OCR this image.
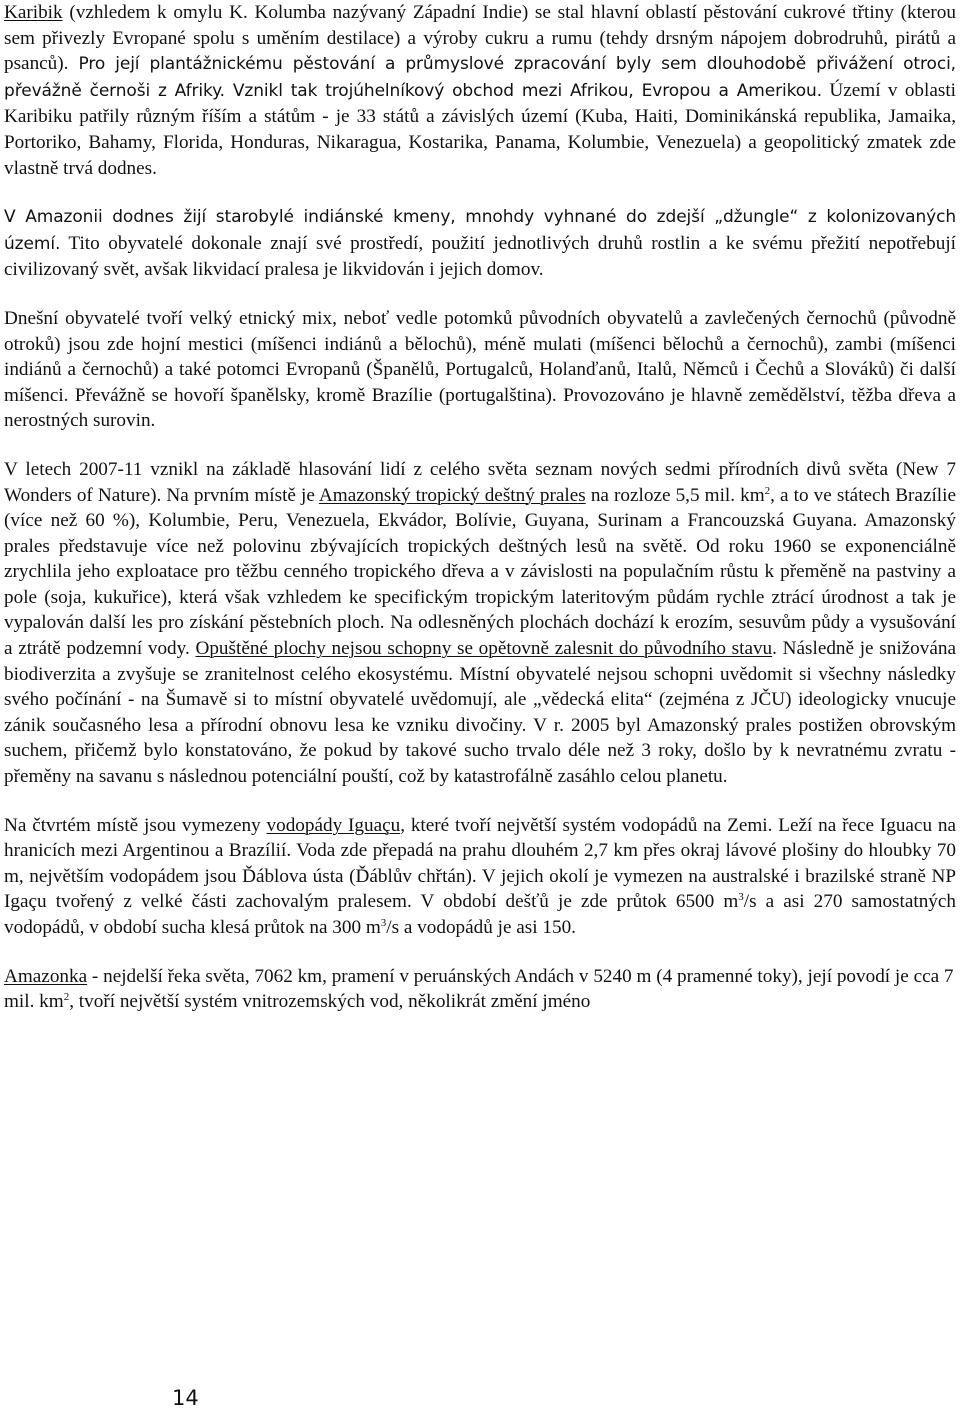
Karibik (vzhledem k omylu K. Kolumba nazývaný Západní Indie) se stal hlavní oblastí pěstování cukrové třtiny (kterou sem přivezly Evropané spolu s uměním destilace) a výroby cukru a rumu (tehdy drsným nápojem dobrodruhů, pirátů a psanců). Pro její plantážnickému pěstování a průmyslové zpracování byly sem dlouhodobě přivážení otroci, převážně černoši z Afriky. Vznikl tak trojúhelníkový obchod mezi Afrikou, Evropou a Amerikou. Území v oblasti Karibiku patřily různým říším a státům - je 33 států a závislých území (Kuba, Haiti, Dominikánská republika, Jamaika, Portoriko, Bahamy, Florida, Honduras, Nikaragua, Kostarika, Panama, Kolumbie, Venezuela) a geopolitický zmatek zde vlastně trvá dodnes.

V Amazonii dodnes žijí starobylé indiánské kmeny, mnohdy vyhnané do zdejší „džungle“ z kolonizovaných území. Tito obyvatelé dokonale znají své prostředí, použití jednotlivých druhů rostlin a ke svému přežití nepotřebují civilizovaný svět, avšak likvidací pralesa je likvidován i jejich domov.

Dnešní obyvatelé tvoří velký etnický mix, neboť vedle potomků původních obyvatelů a zavlečených černochů (původně otroků) jsou zde hojní mestici (míšenci indiánů a bělochů), méně mulati (míšenci bělochů a černochů), zambi (míšenci indiánů a černochů) a také potomci Evropanů (Španělů, Portugalců, Holanďanů, Italů, Němců i Čechů a Slováků) či další míšenci. Převážně se hovoří španělsky, kromě Brazílie (portugalština). Provozováno je hlavně zemědělství, těžba dřeva a nerostných surovin.

V letech 2007-11 vznikl na základě hlasování lidí z celého světa seznam nových sedmi přírodních divů světa (New 7 Wonders of Nature). Na prvním místě je Amazonský tropický deštný prales na rozloze 5,5 mil. $km^2$, a to ve státech Brazílie (více než 60 %), Kolumbie, Peru, Venezuela, Ekvádor, Bolívie, Guyana, Surinam a Francouzská Guyana. Amazonský prales představuje více než polovinu zbývajících tropických deštných lesů na světě. Od roku 1960 se exponenciálně zrychlila jeho exploatace pro těžbu cenného tropického dřeva a v závislosti na populačním růstu k přeměně na pastviny a pole (soja, kukuřice), která však vzhledem ke specifickým tropickým lateritovým půdám rychle ztrácí úrodnost a tak je vypalován další les pro získání pěstebních ploch. Na odlesněných plochách dochází k erozím, sesuvům půdy a vysušování a ztrátě podzemní vody. Opuštěné plochy nejsou schopny se opětovně zalesnit do původního stavu. Následně je snižována biodiverzita a zvyšuje se zranitelnost celého ekosystému. Místní obyvatelé nejsou schopni uvědomit si všechny následky svého počínání - na Šumavě si to místní obyvatelé uvědomují, ale „vědecká elita“ (zejména z JČU) ideologicky vnucuje zánik současného lesa a přírodní obnovu lesa ke vzniku divočiny. V r. 2005 byl Amazonský prales postižen obrovským suchem, přičemž bylo konstatováno, že pokud by takové sucho trvalo déle než 3 roky, došlo by k nevratnému zvratu - přeměny na savanu s následnou potenciální pouští, což by katastrofálně zasáhlo celou planetu.

Na čtvrtém místě jsou vymezeny vodopády Iguaçu, které tvoří největší systém vodopádů na Zemi. Leží na řece Iguacu na hranicích mezi Argentinou a Brazílií. Voda zde přepadá na prahu dlouhém 2,7 km přes okraj lávové plošiny do hloubky 70 m, největším vodopádem jsou Ďáblova ústa (Ďáblův chřtán). V jejich okolí je vymezen na australské i brazilské straně NP Igaçu tvořený z velké části zachovalým pralesem. V období dešťů je zde průtok 6500 $m^3/s$ a asi 270 samostatných vodopádů, v období sucha klesá průtok na 300 $m^3/s$ a vodopádů je asi 150.

Amazonka - nejdelší řeka světa, 7062 km, pramení v peruánských Andách v 5240 m (4 pramenné toky), její povodí je cca 7 mil. $km^2$, tvoří největší systém vnitrozemských vod, několikrát změní jméno

14
